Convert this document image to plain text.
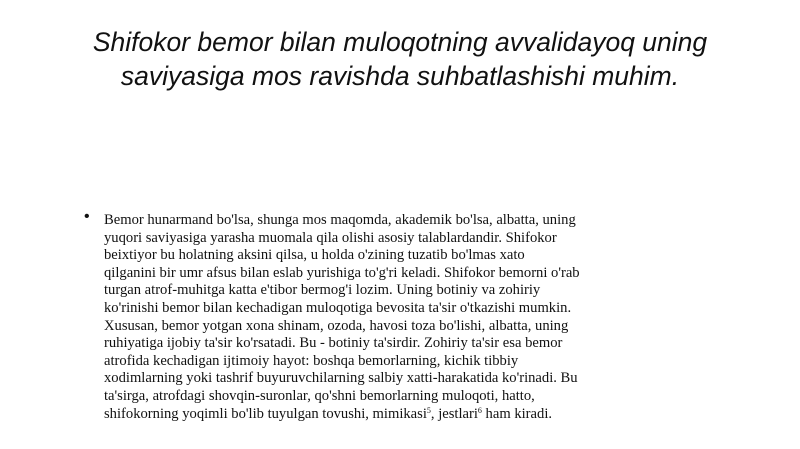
Shifokor bemor bilan muloqotning avvalidayoq uning
saviyasiga mos ravishda suhbatlashishi muhim.
• Bemor hunarmand bo'lsa, shunga mos maqomda, akademik bo'lsa, albatta, uning
yuqori saviyasiga yarasha muomala qila olishi asosiy talablardandir. Shifokor
beixtiyor bu holatning aksini qilsa, u holda o'zining tuzatib bo'lmas xato
qilganini bir umr afsus bilan eslab yurishiga to'g'ri keladi. Shifokor bemorni o'rab
turgan atrof-muhitga katta e'tibor bermog'i lozim. Uning botiniy va zohiriy
ko'rinishi bemor bilan kechadigan muloqotiga bevosita ta'sir o'tkazishi mumkin.
Xususan, bemor yotgan xona shinam, ozoda, havosi toza bo'lishi, albatta, uning
ruhiyatiga ijobiy ta'sir ko'rsatadi. Bu - botiniy ta'sirdir. Zohiriy ta'sir esa bemor
atrofida kechadigan ijtimoiy hayot: boshqa bemorlarning, kichik tibbiy
xodimlarning yoki tashrif buyuruvchilarning salbiy xatti-harakatida ko'rinadi. Bu
ta'sirga, atrofdagi shovqin-suronlar, qo'shni bemorlarning muloqoti, hatto,
shifokorning yoqimli bo'lib tuyulgan tovushi, mimikasi$^5$, jestlari$^6$ ham kiradi.
